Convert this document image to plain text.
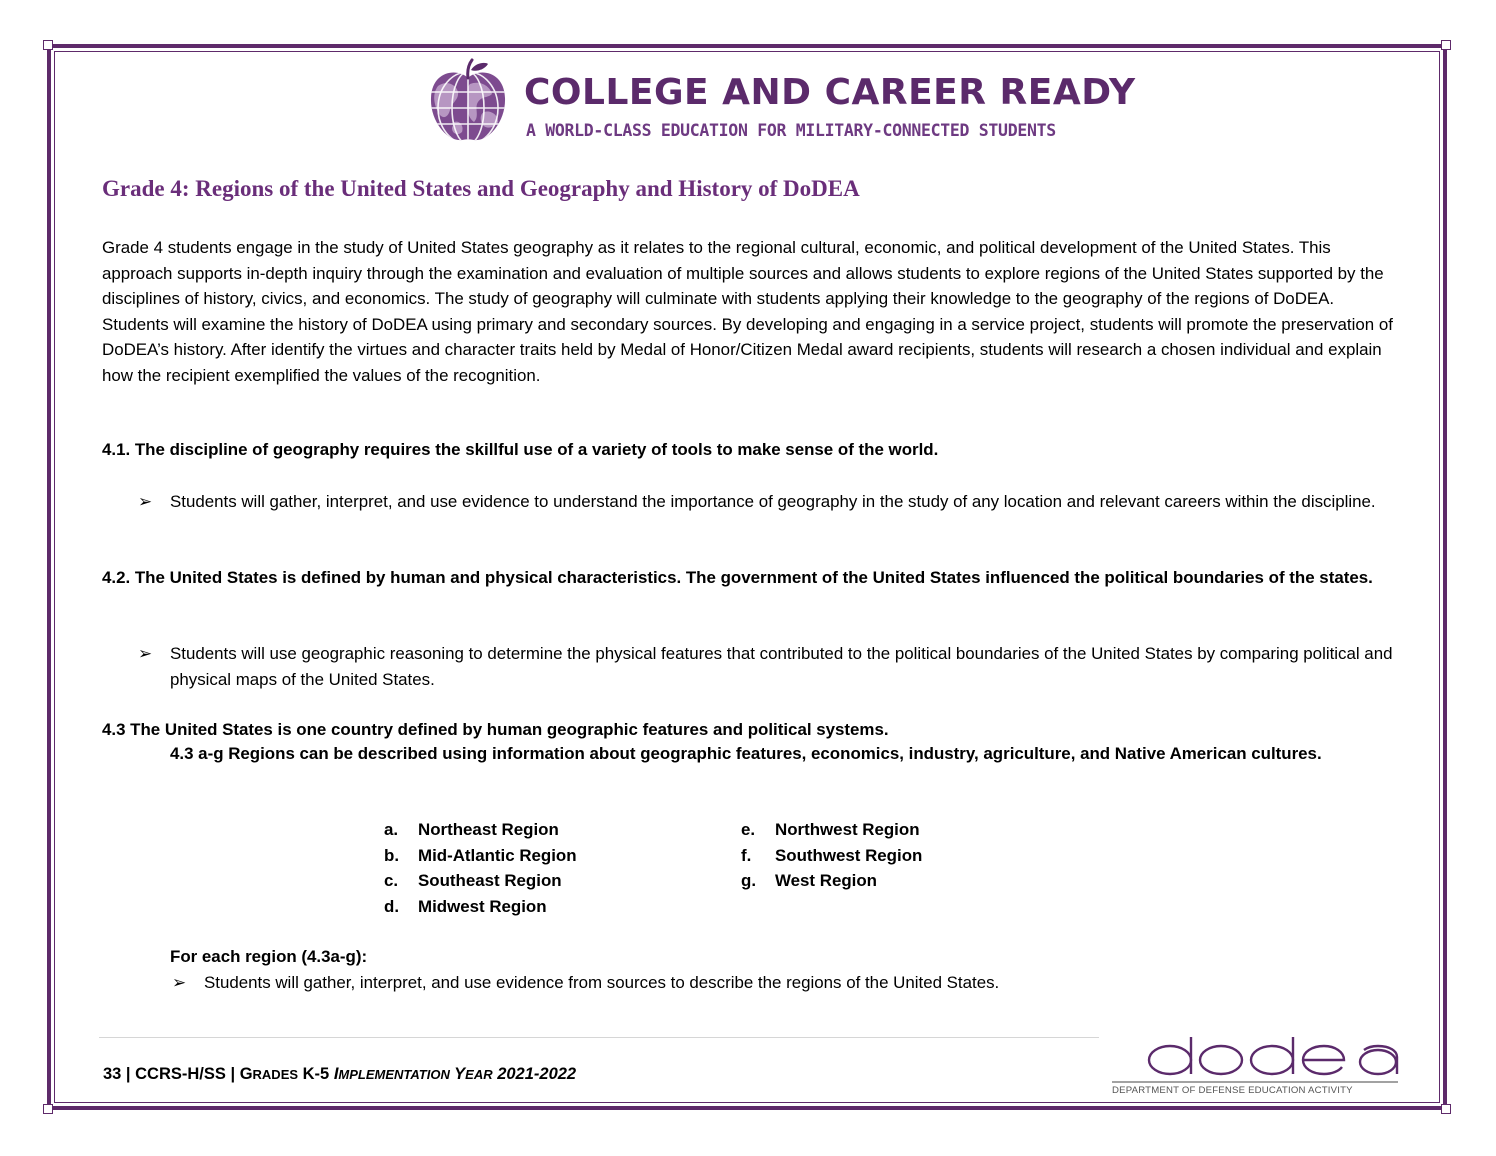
COLLEGE AND CAREER READY
A WORLD-CLASS EDUCATION FOR MILITARY-CONNECTED STUDENTS
Grade 4: Regions of the United States and Geography and History of DoDEA
Grade 4 students engage in the study of United States geography as it relates to the regional cultural, economic, and political development of the United States. This approach supports in-depth inquiry through the examination and evaluation of multiple sources and allows students to explore regions of the United States supported by the disciplines of history, civics, and economics. The study of geography will culminate with students applying their knowledge to the geography of the regions of DoDEA. Students will examine the history of DoDEA using primary and secondary sources. By developing and engaging in a service project, students will promote the preservation of DoDEA’s history. After identify the virtues and character traits held by Medal of Honor/Citizen Medal award recipients, students will research a chosen individual and explain how the recipient exemplified the values of the recognition.
4.1. The discipline of geography requires the skillful use of a variety of tools to make sense of the world.
➢ Students will gather, interpret, and use evidence to understand the importance of geography in the study of any location and relevant careers within the discipline.
4.2. The United States is defined by human and physical characteristics. The government of the United States influenced the political boundaries of the states.
➢ Students will use geographic reasoning to determine the physical features that contributed to the political boundaries of the United States by comparing political and physical maps of the United States.
4.3 The United States is one country defined by human geographic features and political systems.
4.3 a-g Regions can be described using information about geographic features, economics, industry, agriculture, and Native American cultures.
a.	Northeast Region
b.	Mid-Atlantic Region
c.	Southeast Region
d.	Midwest Region
e.	Northwest Region
f.	Southwest Region
g.	West Region
For each region (4.3a-g):
➢ Students will gather, interpret, and use evidence from sources to describe the regions of the United States.
33 | CCRS-H/SS | GRADES K-5 IMPLEMENTATION YEAR 2021-2022
DEPARTMENT OF DEFENSE EDUCATION ACTIVITY
